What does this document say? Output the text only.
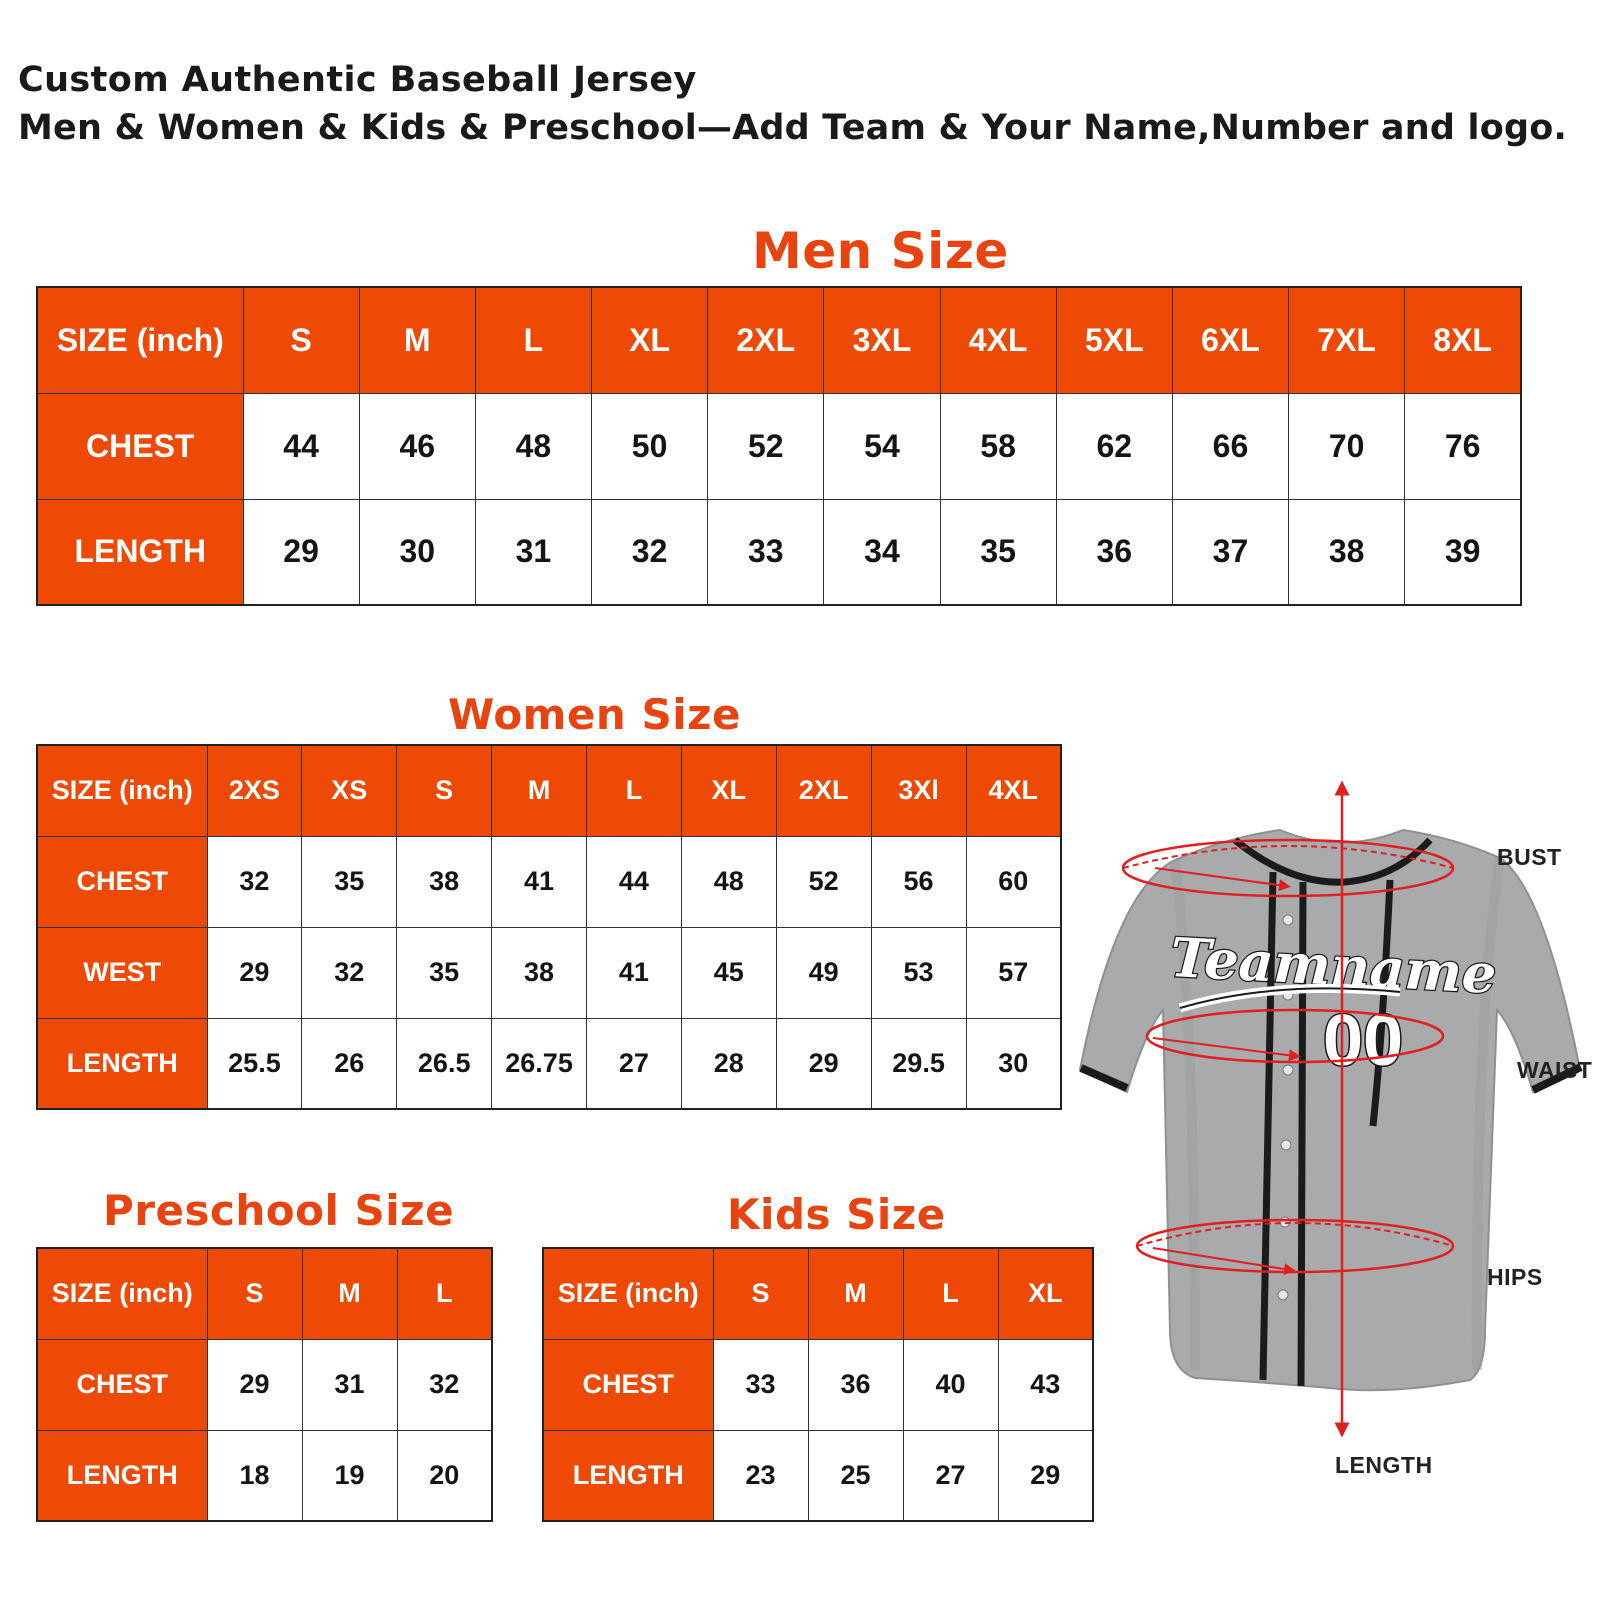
Custom Authentic Baseball Jersey
Men & Women & Kids & Preschool—Add Team & Your Name,Number and logo.
Men Size
SIZE (inch)	S	M	L	XL	2XL	3XL	4XL	5XL	6XL	7XL	8XL
CHEST	44	46	48	50	52	54	58	62	66	70	76
LENGTH	29	30	31	32	33	34	35	36	37	38	39
Women Size
SIZE (inch)	2XS	XS	S	M	L	XL	2XL	3Xl	4XL
CHEST	32	35	38	41	44	48	52	56	60
WEST	29	32	35	38	41	45	49	53	57
LENGTH	25.5	26	26.5	26.75	27	28	29	29.5	30
Preschool Size
SIZE (inch)	S	M	L
CHEST	29	31	32
LENGTH	18	19	20
Kids Size
SIZE (inch)	S	M	L	XL
CHEST	33	36	40	43
LENGTH	23	25	27	29
Teamname
00
BUST
WAIST
HIPS
LENGTH
